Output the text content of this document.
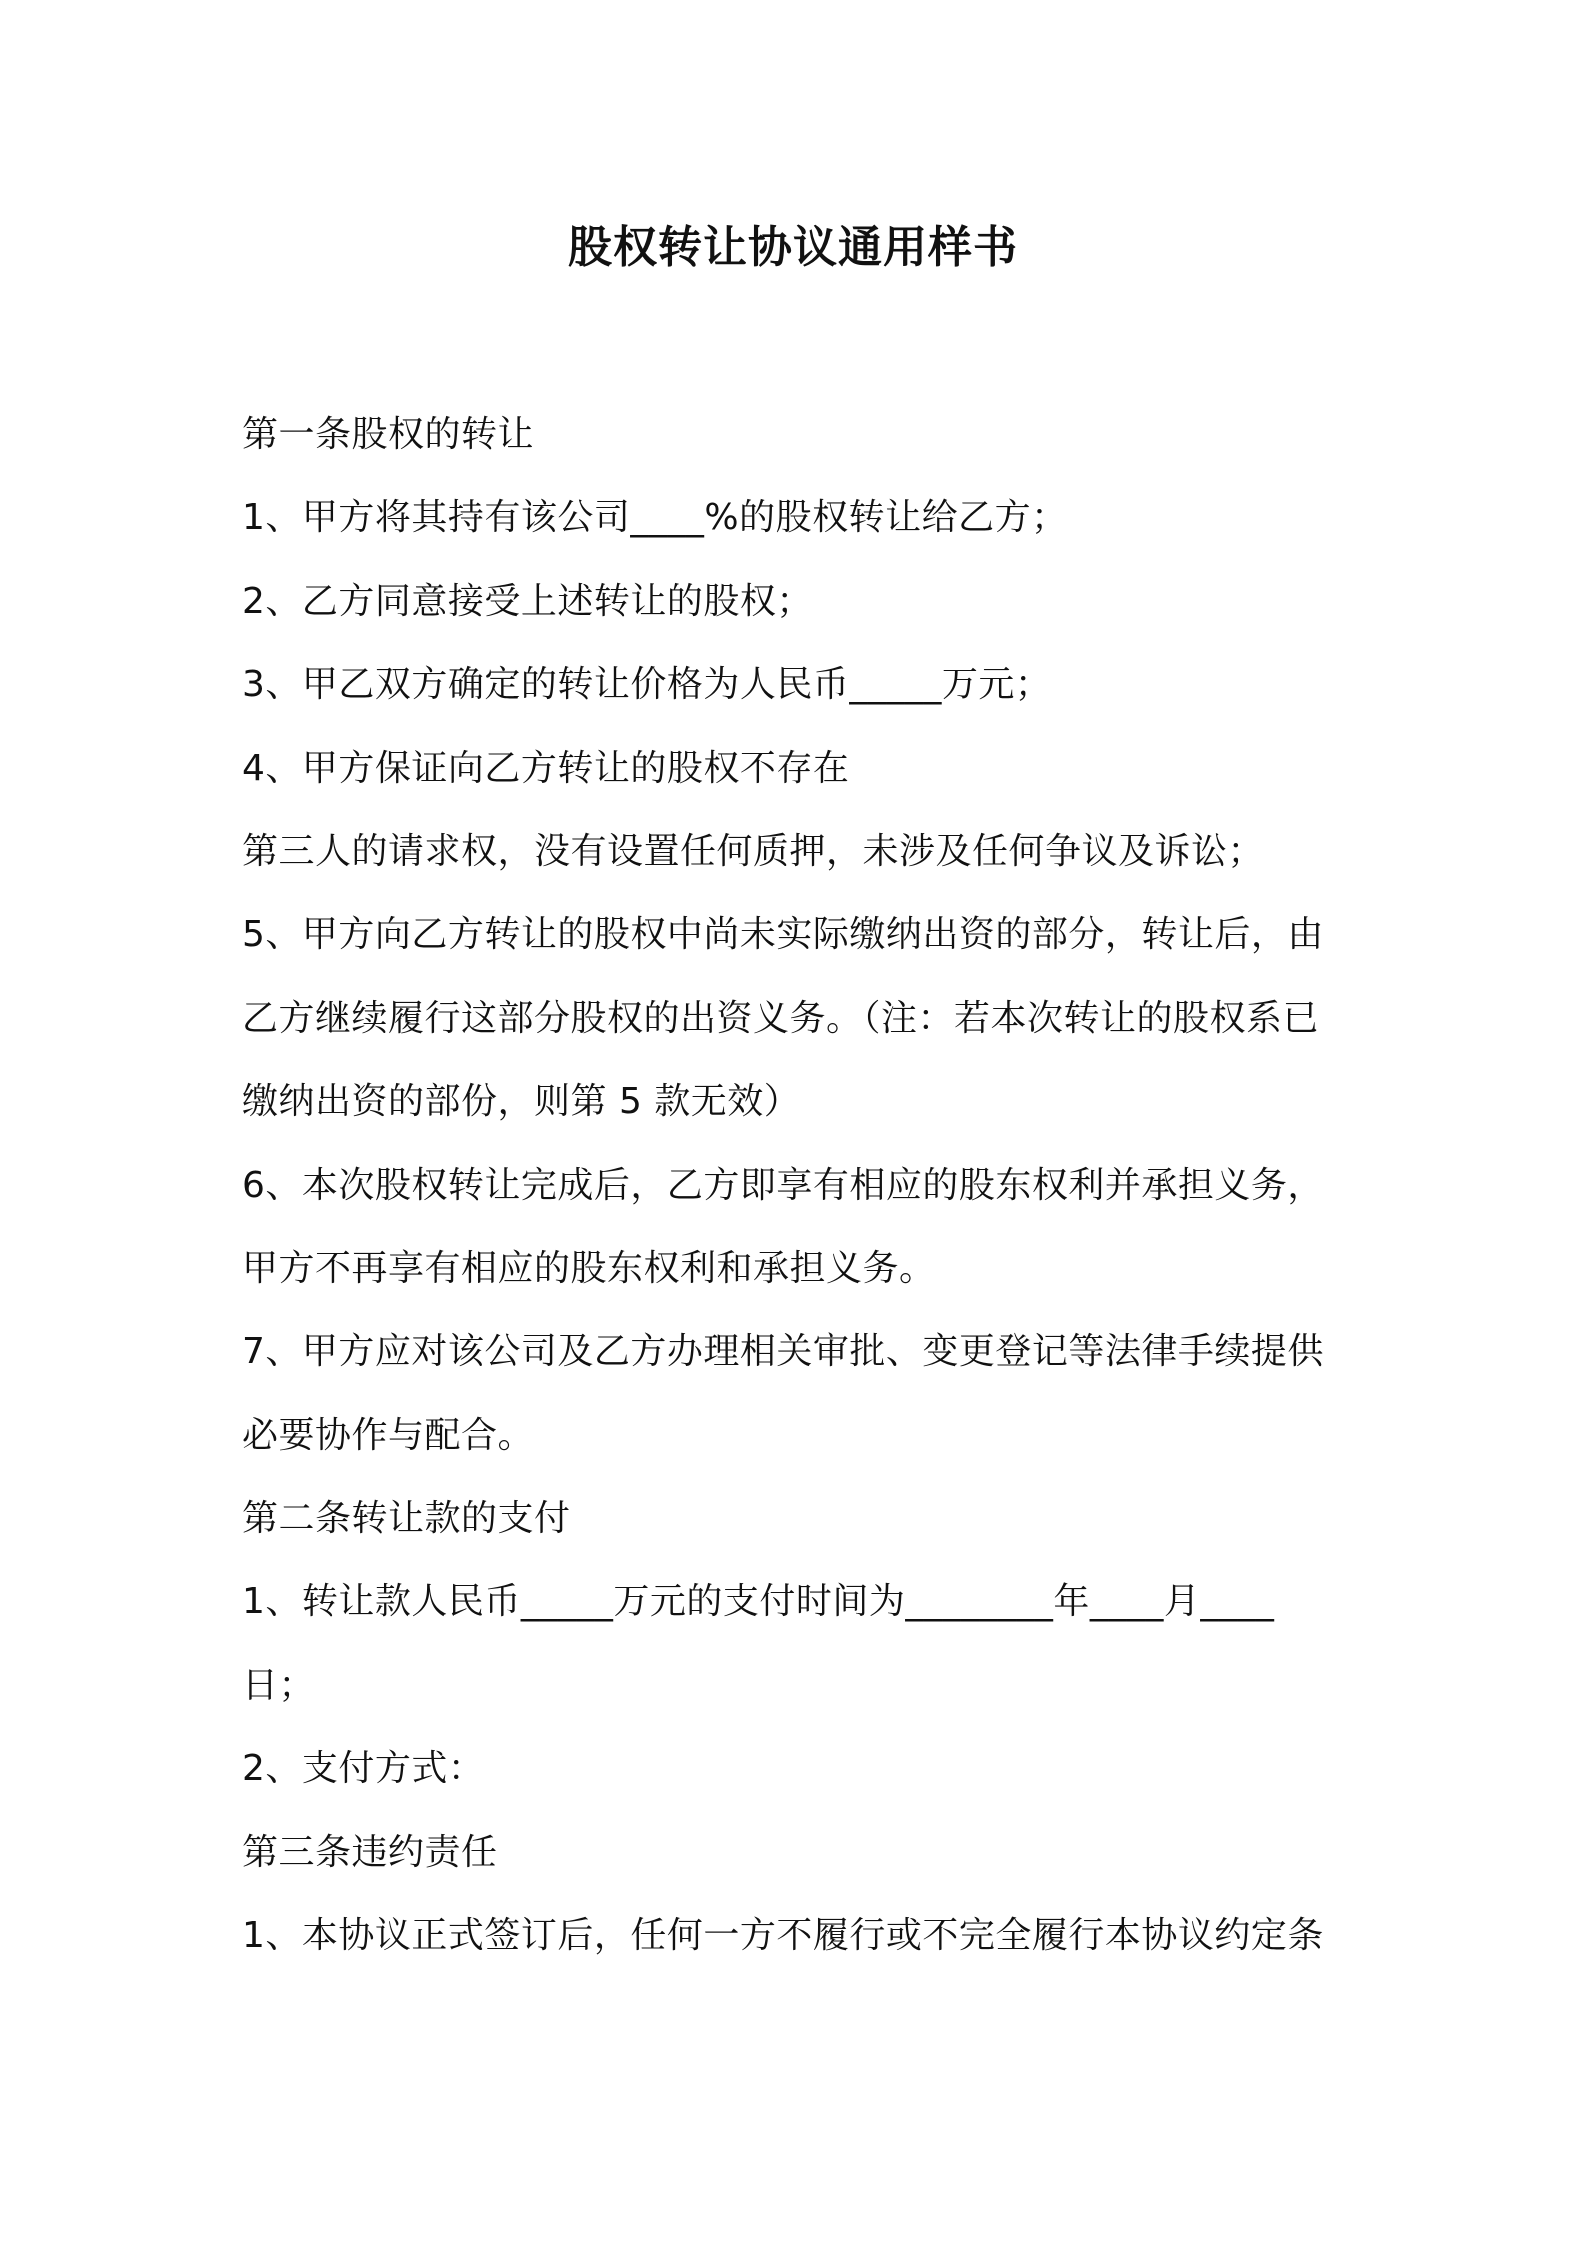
股权转让协议通用样书
第一条股权的转让
1、甲方将其持有该公司____%的股权转让给乙方；
2、乙方同意接受上述转让的股权；
3、甲乙双方确定的转让价格为人民币_____万元；
4、甲方保证向乙方转让的股权不存在
第三人的请求权，没有设置任何质押，未涉及任何争议及诉讼；
5、甲方向乙方转让的股权中尚未实际缴纳出资的部分，转让后，由
乙方继续履行这部分股权的出资义务。（注：若本次转让的股权系已
缴纳出资的部份，则第 5 款无效）
6、本次股权转让完成后，乙方即享有相应的股东权利并承担义务，
甲方不再享有相应的股东权利和承担义务。
7、甲方应对该公司及乙方办理相关审批、变更登记等法律手续提供
必要协作与配合。
第二条转让款的支付
1、转让款人民币_____万元的支付时间为________年____月____
日；
2、支付方式：
第三条违约责任
1、本协议正式签订后，任何一方不履行或不完全履行本协议约定条
